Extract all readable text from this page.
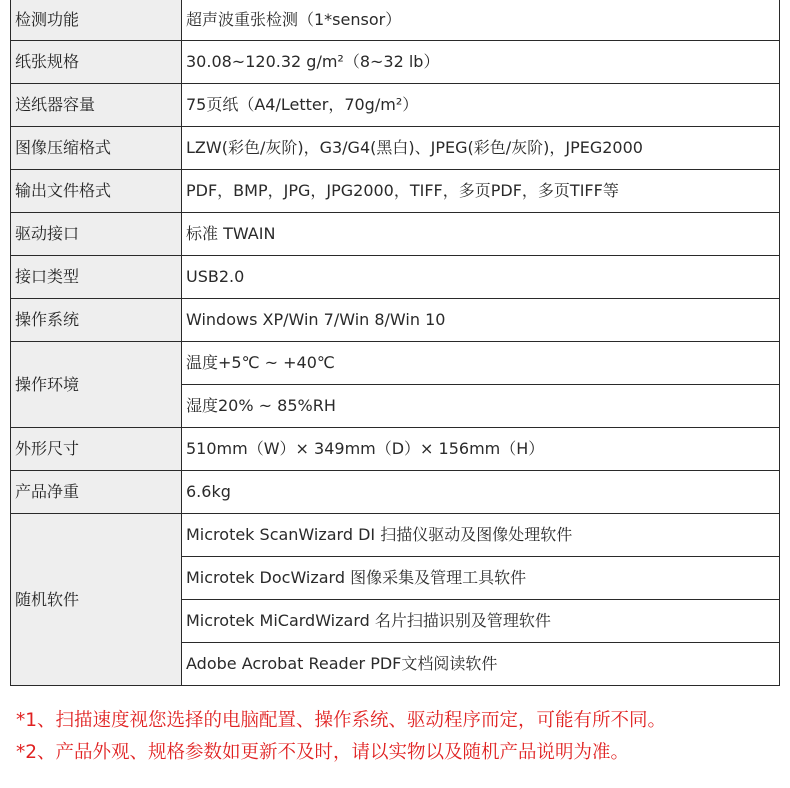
检测功能	超声波重张检测（1*sensor）
纸张规格	30.08~120.32 g/m²（8~32 lb）
送纸器容量	75页纸（A4/Letter，70g/m²）
图像压缩格式	LZW(彩色/灰阶)，G3/G4(黑白)、JPEG(彩色/灰阶)，JPEG2000
输出文件格式	PDF，BMP，JPG，JPG2000，TIFF，多页PDF，多页TIFF等
驱动接口	标准 TWAIN
接口类型	USB2.0
操作系统	Windows XP/Win 7/Win 8/Win 10
操作环境	温度+5℃ ~ +40℃
	湿度20% ~ 85%RH
外形尺寸	510mm（W）× 349mm（D）× 156mm（H）
产品净重	6.6kg
随机软件	Microtek ScanWizard DI 扫描仪驱动及图像处理软件
	Microtek DocWizard 图像采集及管理工具软件
	Microtek MiCardWizard 名片扫描识别及管理软件
	Adobe Acrobat Reader PDF文档阅读软件

*1、扫描速度视您选择的电脑配置、操作系统、驱动程序而定，可能有所不同。

*2、产品外观、规格参数如更新不及时，请以实物以及随机产品说明为准。
